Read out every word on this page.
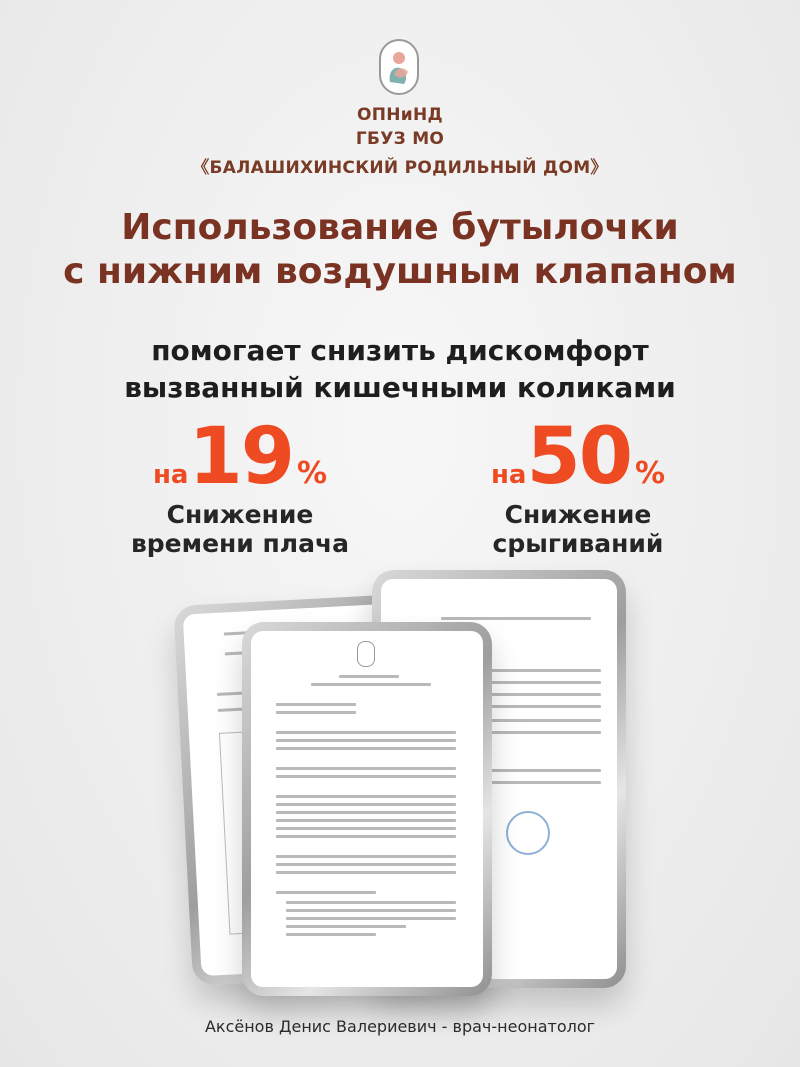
ОПНиНД
ГБУЗ МО
《БАЛАШИХИНСКИЙ РОДИЛЬНЫЙ ДОМ》
Использование бутылочки
с нижним воздушным клапаном
помогает снизить дискомфорт
вызванный кишечными коликами
на19 %
Снижение
времени плача
на50 %
Снижение
срыгиваний
Аксёнов Денис Валериевич - врач-неонатолог
